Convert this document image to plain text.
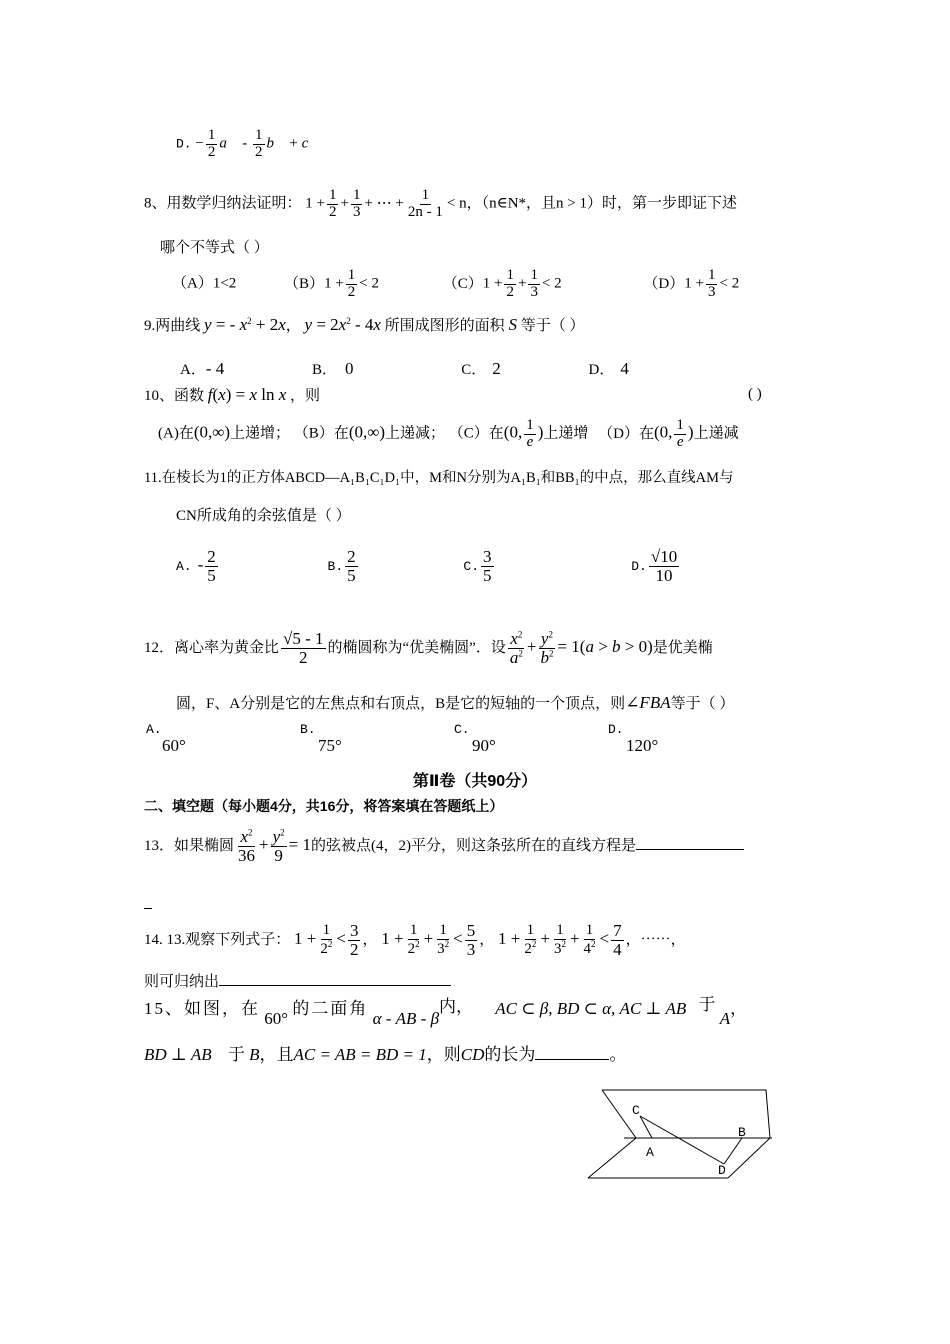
D. − $\frac{1}{2}$ a⃗ - $\frac{1}{2}$ b⃗ + c⃗
8、用数学归纳法证明： $1 + \frac{1}{2} + \frac{1}{3}$ + ⋯ + $\frac{1}{2n - 1} < n$，（n∈N*，且n > 1）时，第一步即证下述
哪个不等式（ ）
（A）1<2	$(B)1 + \frac{1}{2} < 2$	$(C)1 + \frac{1}{2} + \frac{1}{3} < 2$	$(D)1 + \frac{1}{3} < 2$
9.两曲线 y = - $x^2 + 2x$， $y = 2x^2 - 4x$ 所围成图形的面积 S 等于（ ）
A．- 4	B． 0	C． 2	D． 4
10、函数 f(x) = x ln x ，则	( )
(A)在(0,∞)上递增； （B）在(0,∞)上递减； （C）在(0, $\frac{1}{e}$ )上递增 （D）在(0, $\frac{1}{e}$ )上递减
11.在棱长为1的正方体ABCD—A₁B₁C₁D₁中，M和N分别为A₁B₁和BB₁的中点，那么直线AM与
CN所成角的余弦值是（ ）
A. - $\frac{2}{5}$	B. $\frac{2}{5}$	C. $\frac{3}{5}$	D. $\frac{√10}{10}$
12．离心率为黄金比 $\frac{√5 - 1}{2}$ 的椭圆称为“优美椭圆”．设 $\frac{x^2}{a^2} + \frac{y^2}{b^2} = 1(a > b > 0)$是优美椭
圆，F、A分别是它的左焦点和右顶点，B是它的短轴的一个顶点，则∠FBA等于（ ）
A.
60°
B.
75°
C.
90°
D.
120°
第Ⅱ卷（共90分）
二、填空题（每小题4分，共16分，将答案填在答题纸上）
13．如果椭圆 $\frac{x^2}{36} + \frac{y^2}{9} = 1$的弦被点(4，2)平分，则这条弦所在的直线方程是
14. 13.观察下列式子： $1 + \frac{1}{2^2} < \frac{3}{2}$ ， $1 + \frac{1}{2^2} + \frac{1}{3^2} < \frac{5}{3}$ ， $1 + \frac{1}{2^2} + \frac{1}{3^2} + \frac{1}{4^2} < \frac{7}{4}$ ，⋯⋯，
则可归纳出
15、如图，在 60° 的二面角 α - AB - β内， AC ⊂ β, BD ⊂ α, AC ⊥ AB 于 A，
BD ⊥ AB 于 B，且AC = AB = BD = 1，则CD的长为	。
C
B
A
D
